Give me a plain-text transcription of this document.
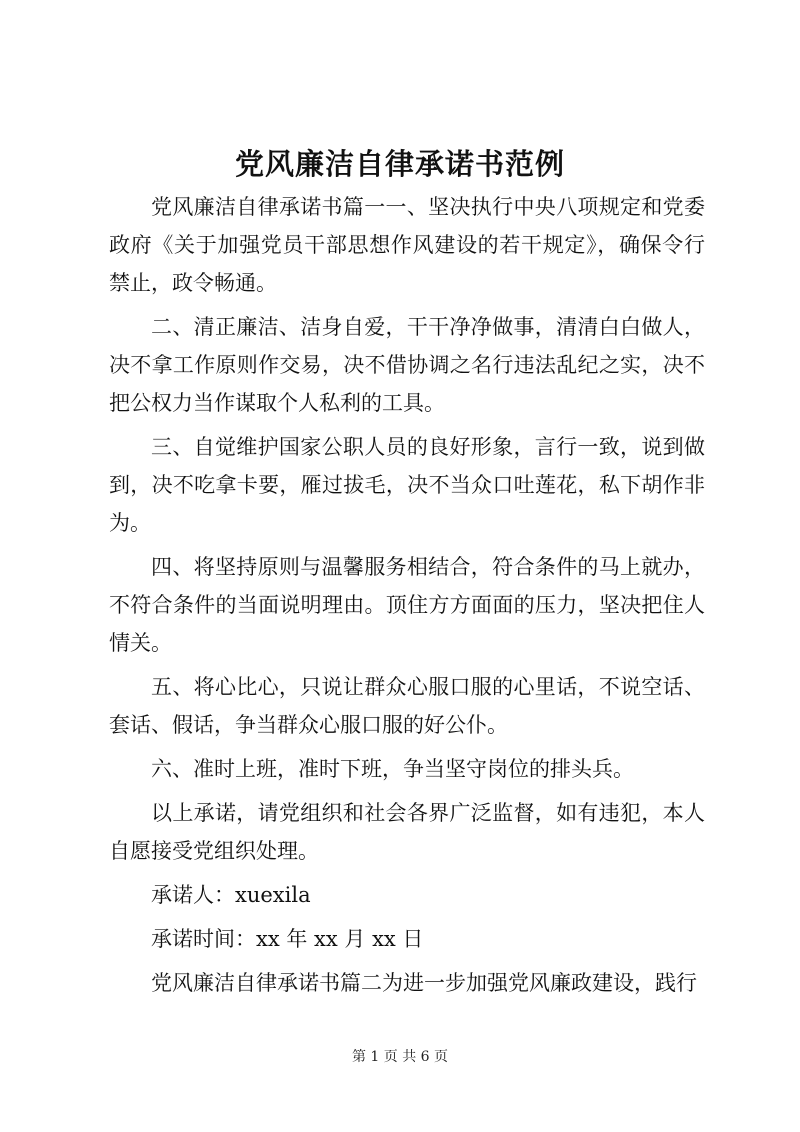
党风廉洁自律承诺书范例

党风廉洁自律承诺书篇一一、坚决执行中央八项规定和党委政府《关于加强党员干部思想作风建设的若干规定》，确保令行禁止，政令畅通。

二、清正廉洁、洁身自爱，干干净净做事，清清白白做人，决不拿工作原则作交易，决不借协调之名行违法乱纪之实，决不把公权力当作谋取个人私利的工具。

三、自觉维护国家公职人员的良好形象，言行一致，说到做到，决不吃拿卡要，雁过拔毛，决不当众口吐莲花，私下胡作非为。

四、将坚持原则与温馨服务相结合，符合条件的马上就办，不符合条件的当面说明理由。顶住方方面面的压力，坚决把住人情关。

五、将心比心，只说让群众心服口服的心里话，不说空话、套话、假话，争当群众心服口服的好公仆。

六、准时上班，准时下班，争当坚守岗位的排头兵。

以上承诺，请党组织和社会各界广泛监督，如有违犯，本人自愿接受党组织处理。

承诺人：xuexila

承诺时间：xx 年 xx 月 xx 日

党风廉洁自律承诺书篇二为进一步加强党风廉政建设，践行

第 1 页 共 6 页
